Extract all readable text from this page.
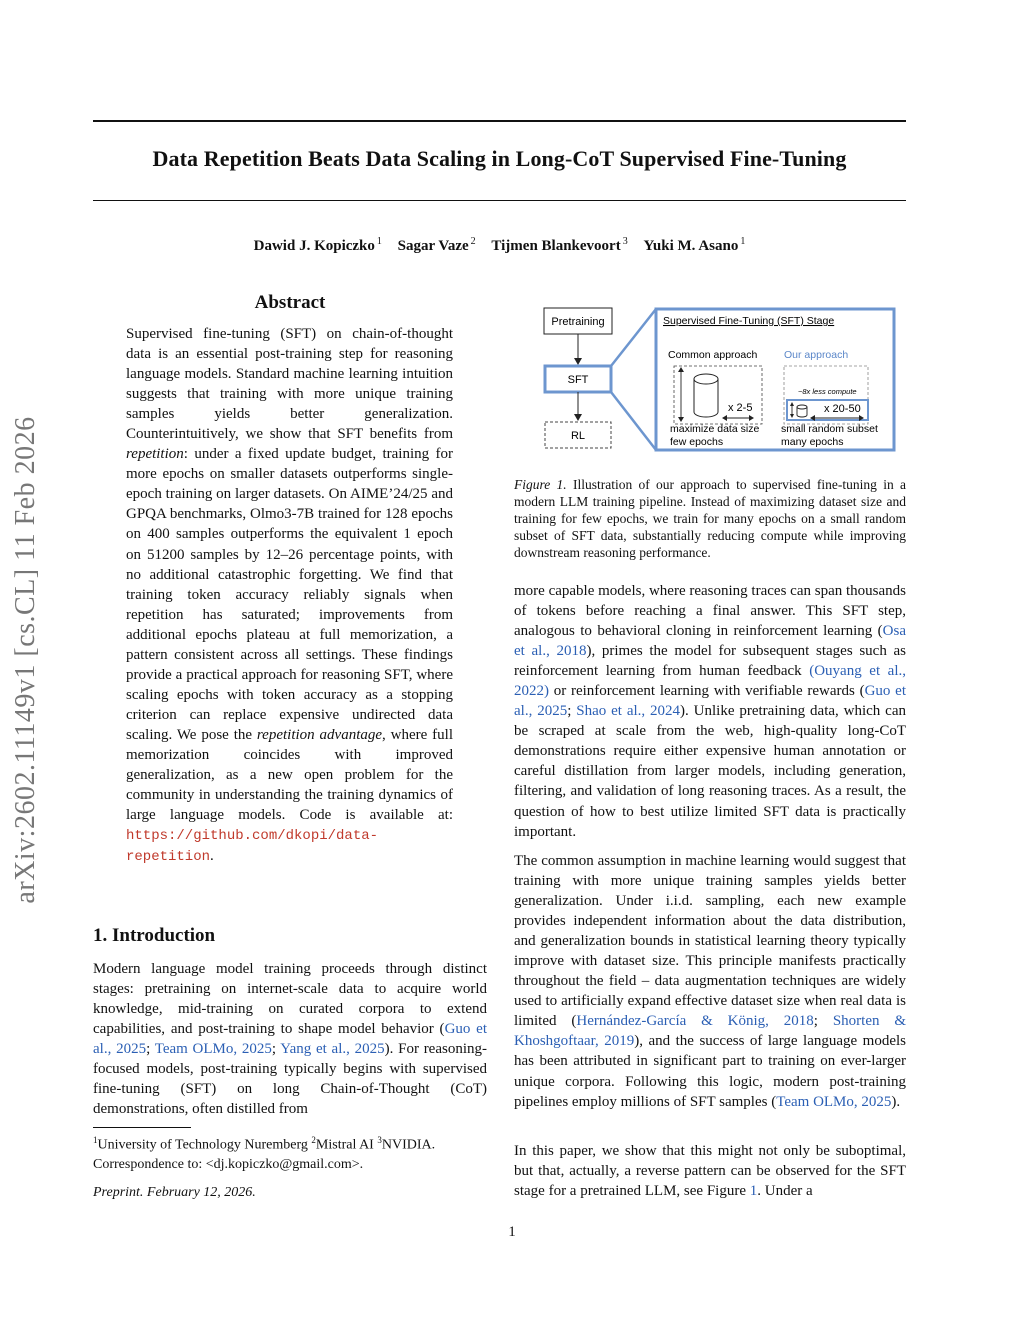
arXiv:2602.11149v1 [cs.CL] 11 Feb 2026
Data Repetition Beats Data Scaling in Long-CoT Supervised Fine-Tuning
Dawid J. Kopiczko $^1$ Sagar Vaze $^2$ Tijmen Blankevoort $^3$ Yuki M. Asano $^1$
Abstract
Supervised fine-tuning (SFT) on chain-of-thought data is an essential post-training step for reasoning language models. Standard machine learning intuition suggests that training with more unique training samples yields better generalization. Counterintuitively, we show that SFT benefits from repetition: under a fixed update budget, training for more epochs on smaller datasets outperforms single-epoch training on larger datasets. On AIME’24/25 and GPQA benchmarks, Olmo3-7B trained for 128 epochs on 400 samples outperforms the equivalent 1 epoch on 51200 samples by 12–26 percentage points, with no additional catastrophic forgetting. We find that training token accuracy reliably signals when repetition has saturated; improvements from additional epochs plateau at full memorization, a pattern consistent across all settings. These findings provide a practical approach for reasoning SFT, where scaling epochs with token accuracy as a stopping criterion can replace expensive undirected data scaling. We pose the repetition advantage, where full memorization coincides with improved generalization, as a new open problem for the community in understanding the training dynamics of large language models. Code is available at: https://github.com/dkopi/data-repetition.
1. Introduction

Modern language model training proceeds through distinct stages: pretraining on internet-scale data to acquire world knowledge, mid-training on curated corpora to extend capabilities, and post-training to shape model behavior (Guo et al., 2025; Team OLMo, 2025; Yang et al., 2025). For reasoning-focused models, post-training typically begins with supervised fine-tuning (SFT) on long Chain-of-Thought (CoT) demonstrations, often distilled from

$^1$University of Technology Nuremberg $^2$Mistral AI $^3$NVIDIA.
Correspondence to: <dj.kopiczko@gmail.com>.
Preprint. February 12, 2026.
Pretraining
SFT
RL
Supervised Fine-Tuning (SFT) Stage
Common approach	Our approach
x 2-5
maximize data size
few epochs
~8x less compute
x 20-50
small random subset
many epochs
Figure 1. Illustration of our approach to supervised fine-tuning in a modern LLM training pipeline. Instead of maximizing dataset size and training for few epochs, we train for many epochs on a small random subset of SFT data, substantially reducing compute while improving downstream reasoning performance.

more capable models, where reasoning traces can span thousands of tokens before reaching a final answer. This SFT step, analogous to behavioral cloning in reinforcement learning (Osa et al., 2018), primes the model for subsequent stages such as reinforcement learning from human feedback (Ouyang et al., 2022) or reinforcement learning with verifiable rewards (Guo et al., 2025; Shao et al., 2024). Unlike pretraining data, which can be scraped at scale from the web, high-quality long-CoT demonstrations require either expensive human annotation or careful distillation from larger models, including generation, filtering, and validation of long reasoning traces. As a result, the question of how to best utilize limited SFT data is practically important.

The common assumption in machine learning would suggest that training with more unique training samples yields better generalization. Under i.i.d. sampling, each new example provides independent information about the data distribution, and generalization bounds in statistical learning theory typically improve with dataset size. This principle manifests practically throughout the field – data augmentation techniques are widely used to artificially expand effective dataset size when real data is limited (Hernández-García & König, 2018; Shorten & Khoshgoftaar, 2019), and the success of large language models has been attributed in significant part to training on ever-larger unique corpora. Following this logic, modern post-training pipelines employ millions of SFT samples (Team OLMo, 2025).

In this paper, we show that this might not only be suboptimal, but that, actually, a reverse pattern can be observed for the SFT stage for a pretrained LLM, see Figure 1. Under a

1
